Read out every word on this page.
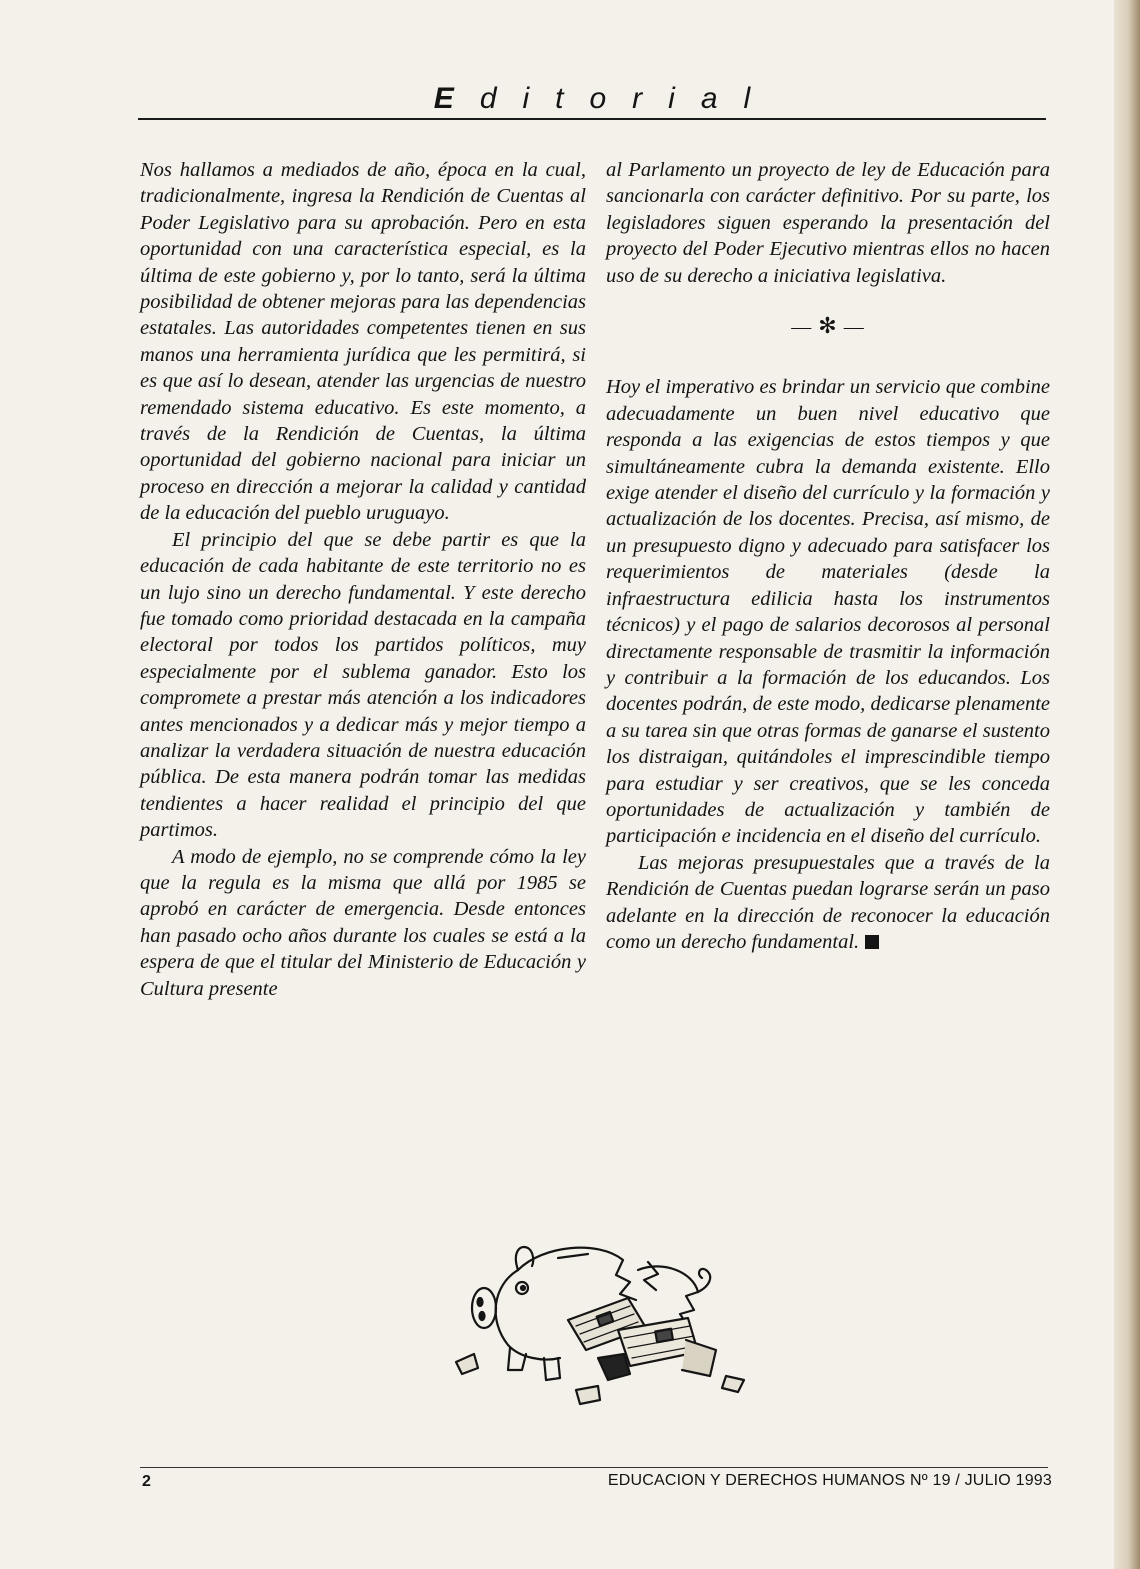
Editorial

Nos hallamos a mediados de año, época en la cual, tradicionalmente, ingresa la Rendición de Cuentas al Poder Legislativo para su aprobación. Pero en esta oportunidad con una característica especial, es la última de este gobierno y, por lo tanto, será la última posibilidad de obtener mejoras para las dependencias estatales. Las autoridades competentes tienen en sus manos una herramienta jurídica que les permitirá, si es que así lo desean, atender las urgencias de nuestro remendado sistema educativo. Es este momento, a través de la Rendición de Cuentas, la última oportunidad del gobierno nacional para iniciar un proceso en dirección a mejorar la calidad y cantidad de la educación del pueblo uruguayo.

El principio del que se debe partir es que la educación de cada habitante de este territorio no es un lujo sino un derecho fundamental. Y este derecho fue tomado como prioridad destacada en la campaña electoral por todos los partidos políticos, muy especialmente por el sublema ganador. Esto los compromete a prestar más atención a los indicadores antes mencionados y a dedicar más y mejor tiempo a analizar la verdadera situación de nuestra educación pública. De esta manera podrán tomar las medidas tendientes a hacer realidad el principio del que partimos.

A modo de ejemplo, no se comprende cómo la ley que la regula es la misma que allá por 1985 se aprobó en carácter de emergencia. Desde entonces han pasado ocho años durante los cuales se está a la espera de que el titular del Ministerio de Educación y Cultura presente

al Parlamento un proyecto de ley de Educación para sancionarla con carácter definitivo. Por su parte, los legisladores siguen esperando la presentación del proyecto del Poder Ejecutivo mientras ellos no hacen uso de su derecho a iniciativa legislativa.

— ✻ —

Hoy el imperativo es brindar un servicio que combine adecuadamente un buen nivel educativo que responda a las exigencias de estos tiempos y que simultáneamente cubra la demanda existente. Ello exige atender el diseño del currículo y la formación y actualización de los docentes. Precisa, así mismo, de un presupuesto digno y adecuado para satisfacer los requerimientos de materiales (desde la infraestructura edilicia hasta los instrumentos técnicos) y el pago de salarios decorosos al personal directamente responsable de trasmitir la información y contribuir a la formación de los educandos. Los docentes podrán, de este modo, dedicarse plenamente a su tarea sin que otras formas de ganarse el sustento los distraigan, quitándoles el imprescindible tiempo para estudiar y ser creativos, que se les conceda oportunidades de actualización y también de participación e incidencia en el diseño del currículo.

Las mejoras presupuestales que a través de la Rendición de Cuentas puedan lograrse serán un paso adelante en la dirección de reconocer la educación como un derecho fundamental.

2	EDUCACION Y DERECHOS HUMANOS Nº 19 / JULIO 1993
